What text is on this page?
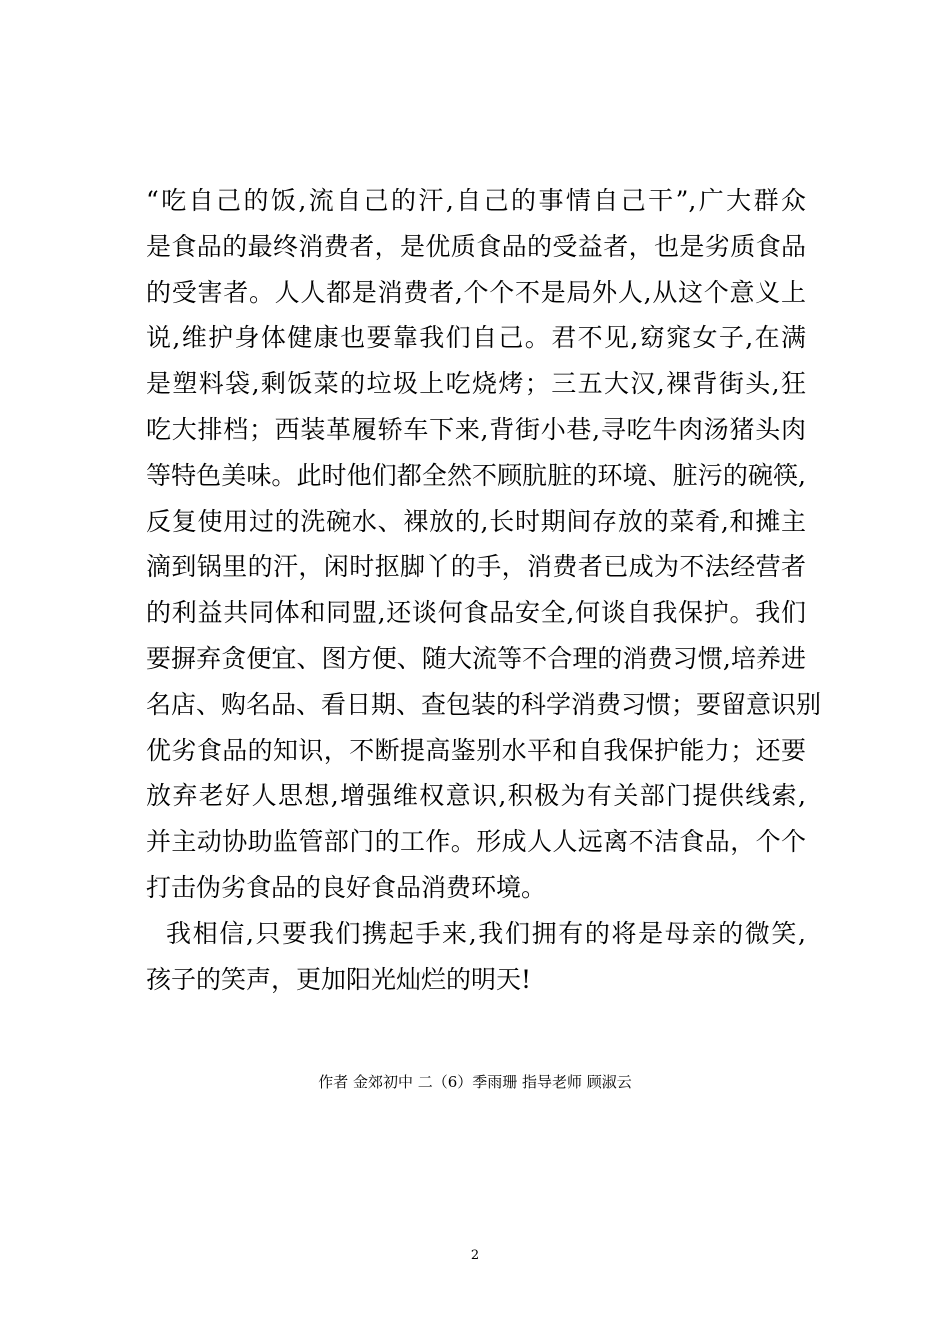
“吃自己的饭,流自己的汗,自己的事情自己干”,广大群众
是食品的最终消费者，是优质食品的受益者，也是劣质食品
的受害者。人人都是消费者,个个不是局外人,从这个意义上
说,维护身体健康也要靠我们自己。君不见,窈窕女子,在满
是塑料袋,剩饭菜的垃圾上吃烧烤；三五大汉,裸背街头,狂
吃大排档；西装革履轿车下来,背街小巷,寻吃牛肉汤猪头肉
等特色美味。此时他们都全然不顾肮脏的环境、脏污的碗筷,
反复使用过的洗碗水、裸放的,长时期间存放的菜肴,和摊主
滴到锅里的汗，闲时抠脚丫的手，消费者已成为不法经营者
的利益共同体和同盟,还谈何食品安全,何谈自我保护。我们
要摒弃贪便宜、图方便、随大流等不合理的消费习惯,培养进
名店、购名品、看日期、查包装的科学消费习惯；要留意识别
优劣食品的知识，不断提高鉴别水平和自我保护能力；还要
放弃老好人思想,增强维权意识,积极为有关部门提供线索,
并主动协助监管部门的工作。形成人人远离不洁食品，个个
打击伪劣食品的良好食品消费环境。
我相信,只要我们携起手来,我们拥有的将是母亲的微笑,
孩子的笑声，更加阳光灿烂的明天!
作者 金郊初中 二（6）季雨珊 指导老师 顾淑云
2
